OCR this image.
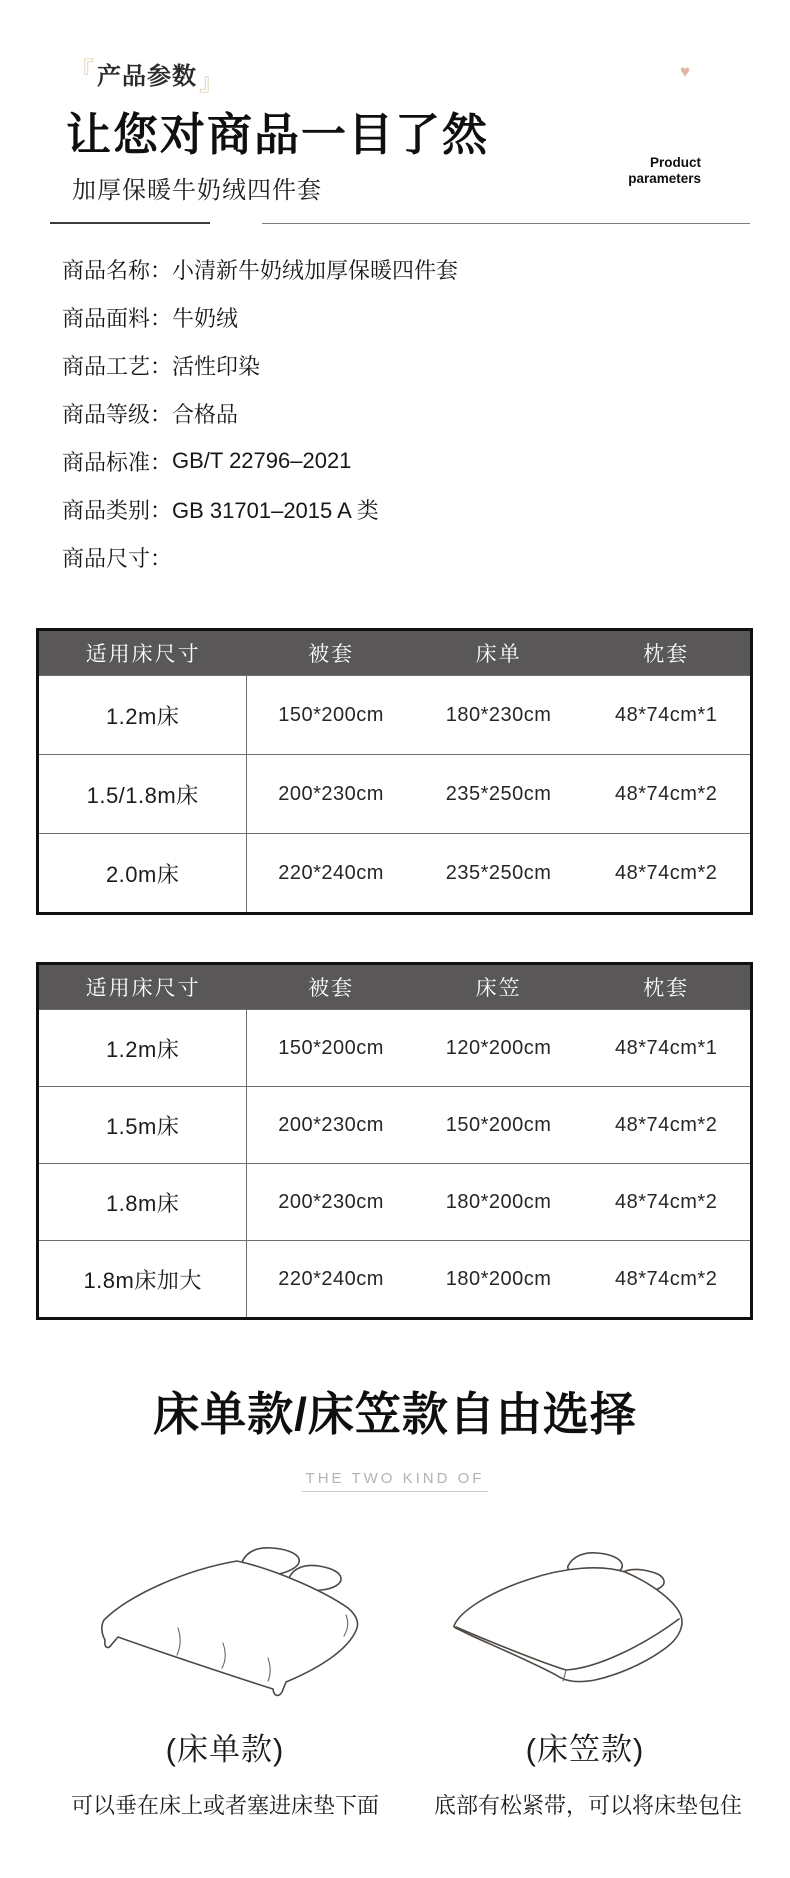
『产品参数』	♥
让您对商品一目了然
加厚保暖牛奶绒四件套
Product
parameters
商品名称： 小清新牛奶绒加厚保暖四件套
商品面料： 牛奶绒
商品工艺： 活性印染
商品等级： 合格品
商品标准： GB/T 22796–2021
商品类别： GB 31701–2015 A 类
商品尺寸：
适用床尺寸	被套	床单	枕套
1.2m床	150*200cm	180*230cm	48*74cm*1
1.5/1.8m床	200*230cm	235*250cm	48*74cm*2
2.0m床	220*240cm	235*250cm	48*74cm*2
适用床尺寸	被套	床笠	枕套
1.2m床	150*200cm	120*200cm	48*74cm*1
1.5m床	200*230cm	150*200cm	48*74cm*2
1.8m床	200*230cm	180*200cm	48*74cm*2
1.8m床加大	220*240cm	180*200cm	48*74cm*2
床单款/床笠款自由选择
THE TWO KIND OF
(床单款)	(床笠款)
可以垂在床上或者塞进床垫下面	底部有松紧带，可以将床垫包住
